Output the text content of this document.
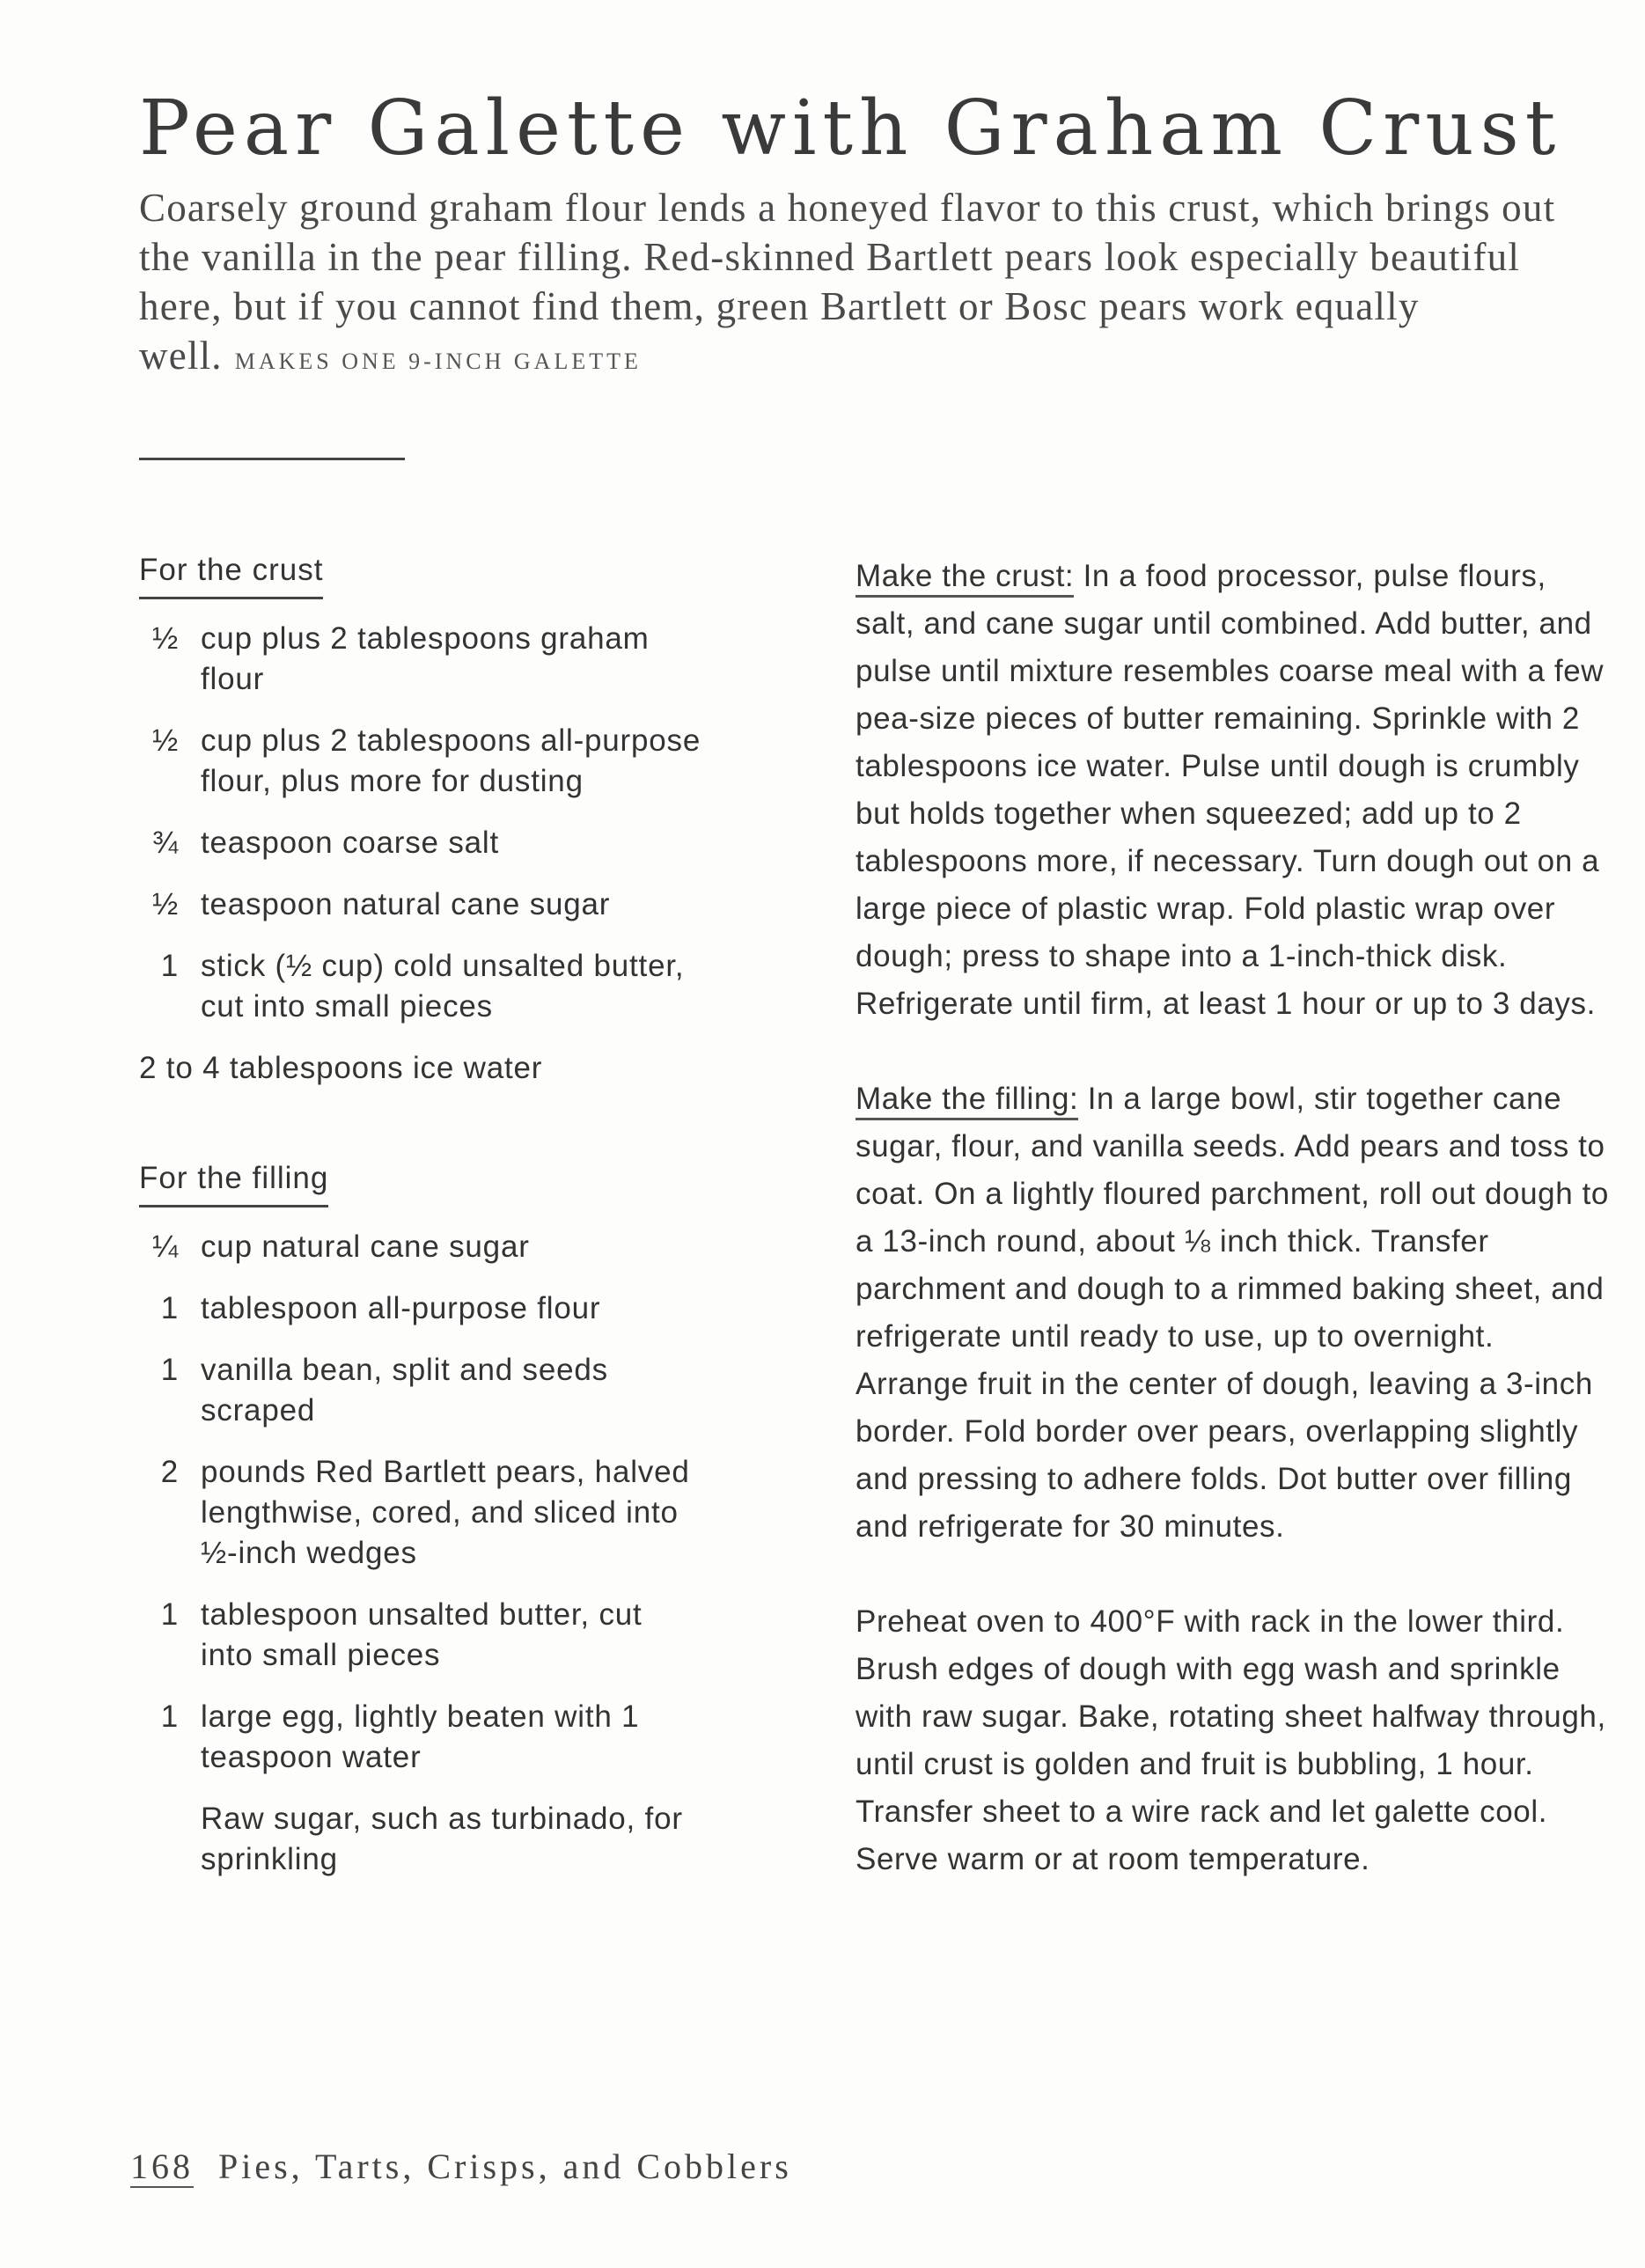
Pear Galette with Graham Crust

Coarsely ground graham flour lends a honeyed flavor to this crust, which brings out the vanilla in the pear filling. Red-skinned Bartlett pears look especially beautiful here, but if you cannot find them, green Bartlett or Bosc pears work equally well. MAKES ONE 9-INCH GALETTE

For the crust
½ cup plus 2 tablespoons graham flour
½ cup plus 2 tablespoons all-purpose flour, plus more for dusting
¾ teaspoon coarse salt
½ teaspoon natural cane sugar
1 stick (½ cup) cold unsalted butter, cut into small pieces
2 to 4 tablespoons ice water
For the filling
¼ cup natural cane sugar
1 tablespoon all-purpose flour
1 vanilla bean, split and seeds scraped
2 pounds Red Bartlett pears, halved lengthwise, cored, and sliced into ½-inch wedges
1 tablespoon unsalted butter, cut into small pieces
1 large egg, lightly beaten with 1 teaspoon water
Raw sugar, such as turbinado, for sprinkling

Make the crust: In a food processor, pulse flours, salt, and cane sugar until combined. Add butter, and pulse until mixture resembles coarse meal with a few pea-size pieces of butter remaining. Sprinkle with 2 tablespoons ice water. Pulse until dough is crumbly but holds together when squeezed; add up to 2 tablespoons more, if necessary. Turn dough out on a large piece of plastic wrap. Fold plastic wrap over dough; press to shape into a 1-inch-thick disk. Refrigerate until firm, at least 1 hour or up to 3 days.

Make the filling: In a large bowl, stir together cane sugar, flour, and vanilla seeds. Add pears and toss to coat. On a lightly floured parchment, roll out dough to a 13-inch round, about ⅛ inch thick. Transfer parchment and dough to a rimmed baking sheet, and refrigerate until ready to use, up to overnight. Arrange fruit in the center of dough, leaving a 3-inch border. Fold border over pears, overlapping slightly and pressing to adhere folds. Dot butter over filling and refrigerate for 30 minutes.

Preheat oven to 400°F with rack in the lower third. Brush edges of dough with egg wash and sprinkle with raw sugar. Bake, rotating sheet halfway through, until crust is golden and fruit is bubbling, 1 hour. Transfer sheet to a wire rack and let galette cool. Serve warm or at room temperature.

168 Pies, Tarts, Crisps, and Cobblers
